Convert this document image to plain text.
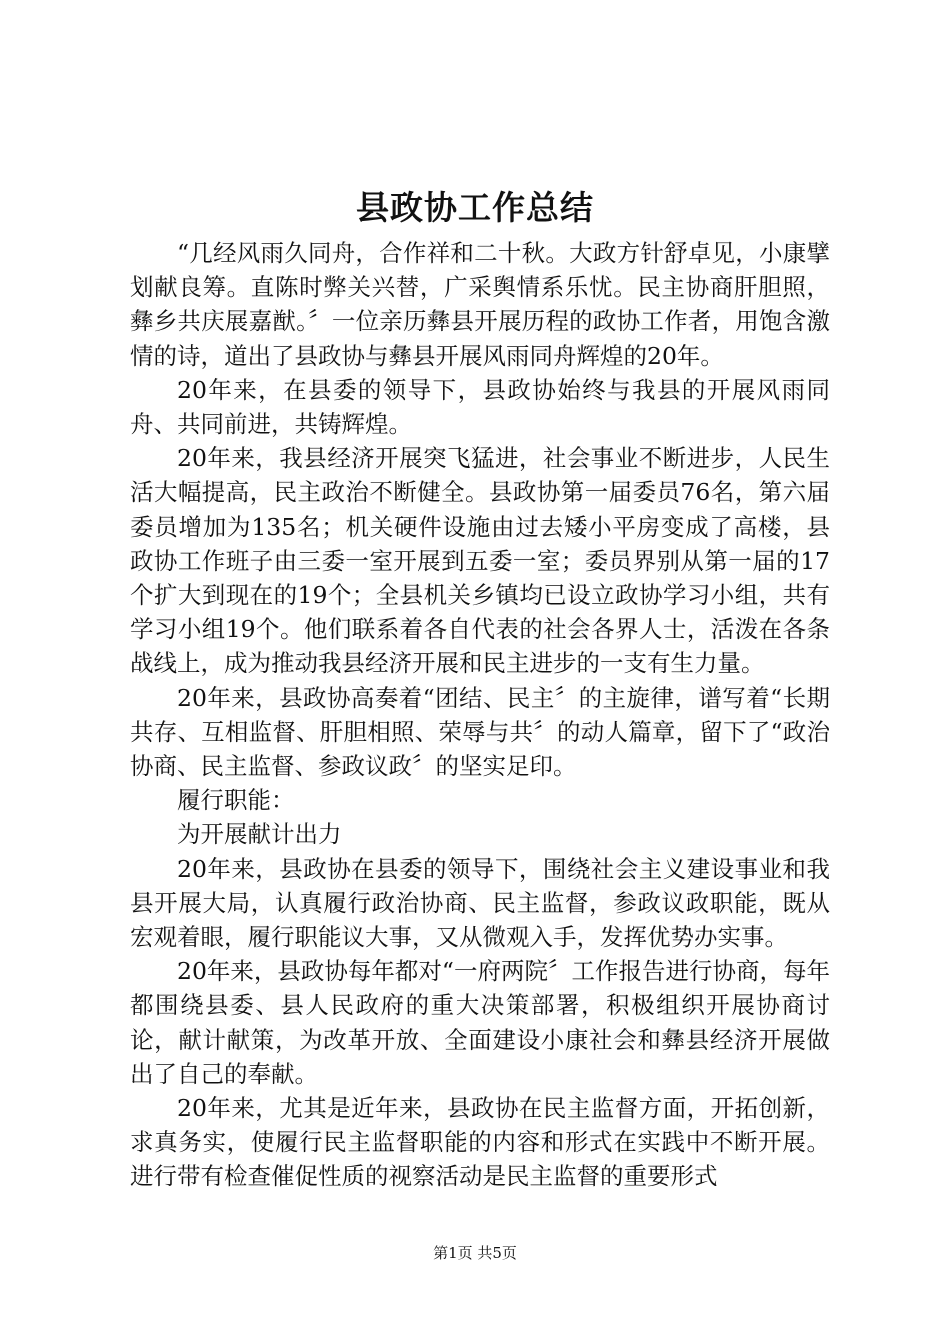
县政协工作总结

“几经风雨久同舟，合作祥和二十秋。大政方针舒卓见，小康擘划献良筹。直陈时弊关兴替，广采舆情系乐忧。民主协商肝胆照，彝乡共庆展嘉猷。〞一位亲历彝县开展历程的政协工作者，用饱含激情的诗，道出了县政协与彝县开展风雨同舟辉煌的20年。

20年来，在县委的领导下，县政协始终与我县的开展风雨同舟、共同前进，共铸辉煌。

20年来，我县经济开展突飞猛进，社会事业不断进步，人民生活大幅提高，民主政治不断健全。县政协第一届委员76名，第六届委员增加为135名；机关硬件设施由过去矮小平房变成了高楼，县政协工作班子由三委一室开展到五委一室；委员界别从第一届的17个扩大到现在的19个；全县机关乡镇均已设立政协学习小组，共有学习小组19个。他们联系着各自代表的社会各界人士，活泼在各条战线上，成为推动我县经济开展和民主进步的一支有生力量。

20年来，县政协高奏着“团结、民主〞的主旋律，谱写着“长期共存、互相监督、肝胆相照、荣辱与共〞的动人篇章，留下了“政治协商、民主监督、参政议政〞的坚实足印。

履行职能：

为开展献计出力

20年来，县政协在县委的领导下，围绕社会主义建设事业和我县开展大局，认真履行政治协商、民主监督，参政议政职能，既从宏观着眼，履行职能议大事，又从微观入手，发挥优势办实事。

20年来，县政协每年都对“一府两院〞工作报告进行协商，每年都围绕县委、县人民政府的重大决策部署，积极组织开展协商讨论，献计献策，为改革开放、全面建设小康社会和彝县经济开展做出了自己的奉献。

20年来，尤其是近年来，县政协在民主监督方面，开拓创新，求真务实，使履行民主监督职能的内容和形式在实践中不断开展。进行带有检查催促性质的视察活动是民主监督的重要形式

第1页 共5页
